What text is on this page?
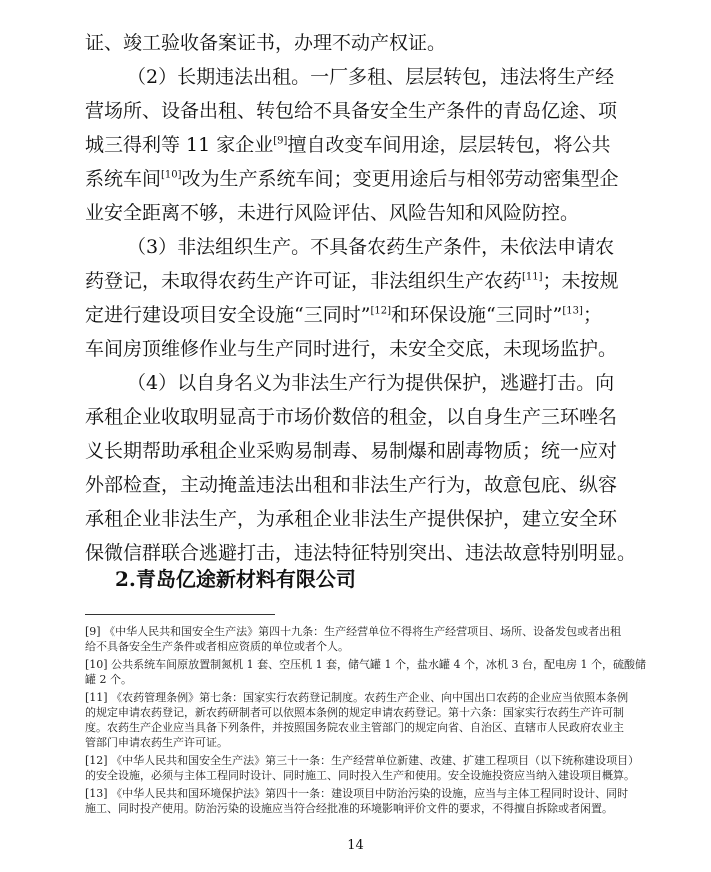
证、竣工验收备案证书，办理不动产权证。
（2）长期违法出租。一厂多租、层层转包，违法将生产经
营场所、设备出租、转包给不具备安全生产条件的青岛亿途、项
城三得利等 11 家企业[9]擅自改变车间用途，层层转包，将公共
系统车间[10]改为生产系统车间；变更用途后与相邻劳动密集型企
业安全距离不够，未进行风险评估、风险告知和风险防控。
（3）非法组织生产。不具备农药生产条件，未依法申请农
药登记，未取得农药生产许可证，非法组织生产农药[11]；未按规
定进行建设项目安全设施“三同时”[12]和环保设施“三同时”[13]；
车间房顶维修作业与生产同时进行，未安全交底，未现场监护。
（4）以自身名义为非法生产行为提供保护，逃避打击。向
承租企业收取明显高于市场价数倍的租金，以自身生产三环唑名
义长期帮助承租企业采购易制毒、易制爆和剧毒物质；统一应对
外部检查，主动掩盖违法出租和非法生产行为，故意包庇、纵容
承租企业非法生产，为承租企业非法生产提供保护，建立安全环
保微信群联合逃避打击，违法特征特别突出、违法故意特别明显。
2.青岛亿途新材料有限公司
[9] 《中华人民共和国安全生产法》第四十九条：生产经营单位不得将生产经营项目、场所、设备发包或者出租
给不具备安全生产条件或者相应资质的单位或者个人。
[10] 公共系统车间原放置制氮机 1 套、空压机 1 套，储气罐 1 个，盐水罐 4 个，冰机 3 台，配电房 1 个，硫酸储
罐 2 个。
[11] 《农药管理条例》第七条：国家实行农药登记制度。农药生产企业、向中国出口农药的企业应当依照本条例
的规定申请农药登记，新农药研制者可以依照本条例的规定申请农药登记。第十六条：国家实行农药生产许可制
度。农药生产企业应当具备下列条件，并按照国务院农业主管部门的规定向省、自治区、直辖市人民政府农业主
管部门申请农药生产许可证。
[12] 《中华人民共和国安全生产法》第三十一条：生产经营单位新建、改建、扩建工程项目（以下统称建设项目）
的安全设施，必须与主体工程同时设计、同时施工、同时投入生产和使用。安全设施投资应当纳入建设项目概算。
[13] 《中华人民共和国环境保护法》第四十一条：建设项目中防治污染的设施，应当与主体工程同时设计、同时
施工、同时投产使用。防治污染的设施应当符合经批准的环境影响评价文件的要求，不得擅自拆除或者闲置。
14
